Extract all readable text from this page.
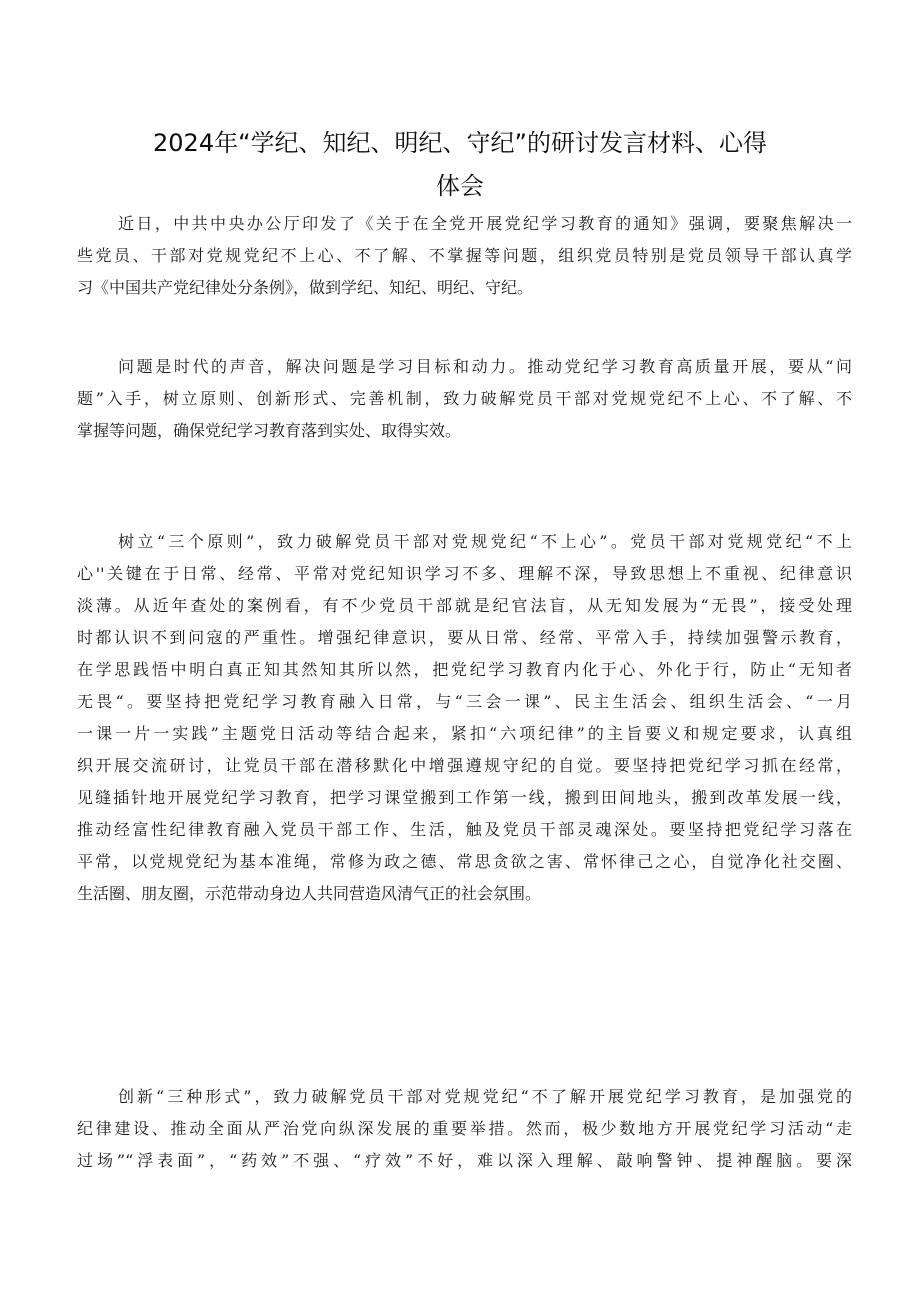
2024年“学纪、知纪、明纪、守纪”的研讨发言材料、心得
体会
近日，中共中央办公厅印发了《关于在全党开展党纪学习教育的通知》强调，要聚焦解决一
些党员、干部对党规党纪不上心、不了解、不掌握等问题，组织党员特别是党员领导干部认真学
习《中国共产党纪律处分条例》，做到学纪、知纪、明纪、守纪。
问题是时代的声音，解决问题是学习目标和动力。推动党纪学习教育高质量开展，要从“问
题”入手，树立原则、创新形式、完善机制，致力破解党员干部对党规党纪不上心、不了解、不
掌握等问题，确保党纪学习教育落到实处、取得实效。
树立“三个原则”，致力破解党员干部对党规党纪“不上心”。党员干部对党规党纪“不上
心''关键在于日常、经常、平常对党纪知识学习不多、理解不深，导致思想上不重视、纪律意识
淡薄。从近年查处的案例看，有不少党员干部就是纪官法盲，从无知发展为“无畏”，接受处理
时都认识不到问寇的严重性。增强纪律意识，要从日常、经常、平常入手，持续加强警示教育，
在学思践悟中明白真正知其然知其所以然，把党纪学习教育内化于心、外化于行，防止“无知者
无畏“。要坚持把党纪学习教育融入日常，与“三会一课”、民主生活会、组织生活会、“一月
一课一片一实践”主题党日活动等结合起来，紧扣“六项纪律”的主旨要义和规定要求，认真组
织开展交流研讨，让党员干部在潜移默化中增强遵规守纪的自觉。要坚持把党纪学习抓在经常，
见缝插针地开展党纪学习教育，把学习课堂搬到工作第一线，搬到田间地头，搬到改革发展一线，
推动经富性纪律教育融入党员干部工作、生活，触及党员干部灵魂深处。要坚持把党纪学习落在
平常，以党规党纪为基本准绳，常修为政之德、常思贪欲之害、常怀律己之心，自觉净化社交圈、
生活圈、朋友圈，示范带动身边人共同营造风清气正的社会氛围。
创新“三种形式”，致力破解党员干部对党规党纪“不了解开展党纪学习教育，是加强党的
纪律建设、推动全面从严治党向纵深发展的重要举措。然而，极少数地方开展党纪学习活动“走
过场”“浮表面”，“药效”不强、“疗效”不好，难以深入理解、敲响警钟、提神醒脑。要深
